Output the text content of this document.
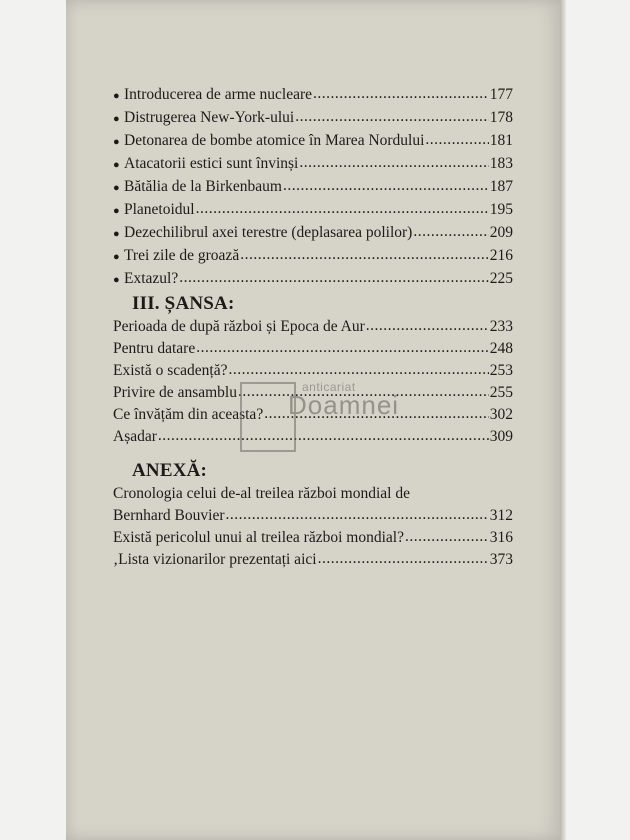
● Introducerea de arme nucleare .....	177
● Distrugerea New-York-ului .....	178
● Detonarea de bombe atomice în Marea Nordului .....	181
● Atacatorii estici sunt învinși .....	183
● Bătălia de la Birkenbaum .....	187
● Planetoidul .....	195
● Dezechilibrul axei terestre (deplasarea polilor) .....	209
● Trei zile de groază .....	216
● Extazul? .....	225
III. ȘANSA:
Perioada de după război și Epoca de Aur .....	233
Pentru datare .....	248
Există o scadență? .....	253
Privire de ansamblu .....	255
Ce învățăm din aceasta? .....	302
Așadar .....	309
ANEXĂ:
Cronologia celui de-al treilea război mondial de
Bernhard Bouvier .....	312
Există pericolul unui al treilea război mondial? .....	316
‚Lista vizionarilor prezentați aici .....	373
anticariat
Doamnei
